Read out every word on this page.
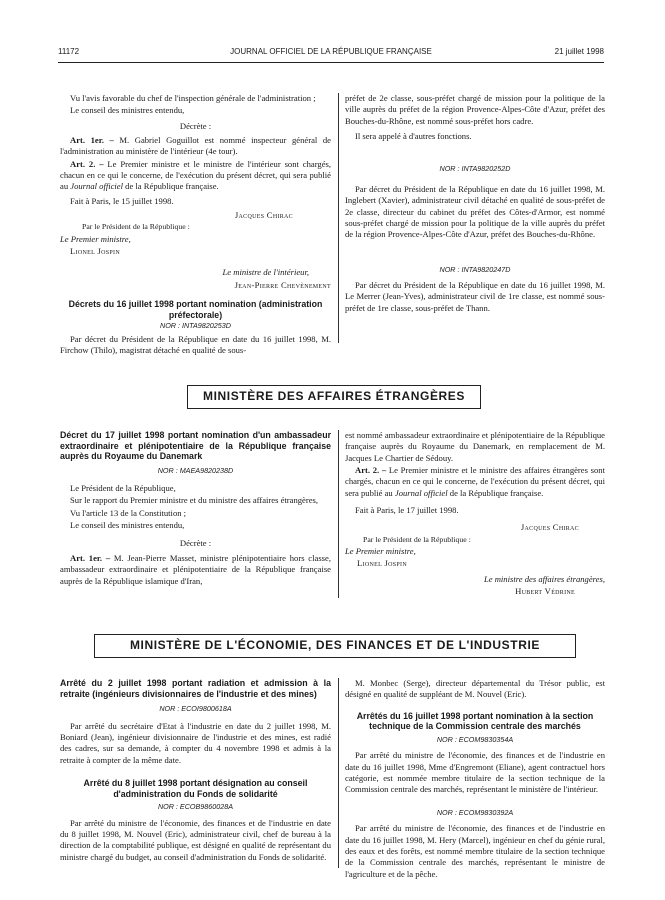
11172	JOURNAL OFFICIEL DE LA RÉPUBLIQUE FRANÇAISE	21 juillet 1998

Vu l'avis favorable du chef de l'inspection générale de l'administration ;

Le conseil des ministres entendu,

Décrète :

Art. 1er. – M. Gabriel Goguillot est nommé inspecteur général de l'administration au ministère de l'intérieur (4e tour).

Art. 2. – Le Premier ministre et le ministre de l'intérieur sont chargés, chacun en ce qui le concerne, de l'exécution du présent décret, qui sera publié au Journal officiel de la République française.

Fait à Paris, le 15 juillet 1998.

Jacques Chirac

Par le Président de la République :

Le Premier ministre,

Lionel Jospin

Le ministre de l'intérieur,

Jean-Pierre Chevènement

Décrets du 16 juillet 1998 portant nomination (administration préfectorale)
NOR : INTA9820253D

Par décret du Président de la République en date du 16 juillet 1998, M. Firchow (Thilo), magistrat détaché en qualité de sous-

préfet de 2e classe, sous-préfet chargé de mission pour la politique de la ville auprès du préfet de la région Provence-Alpes-Côte d'Azur, préfet des Bouches-du-Rhône, est nommé sous-préfet hors cadre.

Il sera appelé à d'autres fonctions.

NOR : INTA9820252D

Par décret du Président de la République en date du 16 juillet 1998, M. Inglebert (Xavier), administrateur civil détaché en qualité de sous-préfet de 2e classe, directeur du cabinet du préfet des Côtes-d'Armor, est nommé sous-préfet chargé de mission pour la politique de la ville auprès du préfet de la région Provence-Alpes-Côte d'Azur, préfet des Bouches-du-Rhône.

NOR : INTA9820247D

Par décret du Président de la République en date du 16 juillet 1998, M. Le Merrer (Jean-Yves), administrateur civil de 1re classe, est nommé sous-préfet de 1re classe, sous-préfet de Thann.

MINISTÈRE DES AFFAIRES ÉTRANGÈRES
Décret du 17 juillet 1998 portant nomination d'un ambassadeur extraordinaire et plénipotentiaire de la République française auprès du Royaume du Danemark
NOR : MAEA9820238D

Le Président de la République,

Sur le rapport du Premier ministre et du ministre des affaires étrangères,

Vu l'article 13 de la Constitution ;

Le conseil des ministres entendu,

Décrète :

Art. 1er. – M. Jean-Pierre Masset, ministre plénipotentiaire hors classe, ambassadeur extraordinaire et plénipotentiaire de la République française auprès de la République islamique d'Iran,

est nommé ambassadeur extraordinaire et plénipotentiaire de la République française auprès du Royaume du Danemark, en remplacement de M. Jacques Le Chartier de Sédouy.

Art. 2. – Le Premier ministre et le ministre des affaires étrangères sont chargés, chacun en ce qui le concerne, de l'exécution du présent décret, qui sera publié au Journal officiel de la République française.

Fait à Paris, le 17 juillet 1998.

Jacques Chirac

Par le Président de la République :

Le Premier ministre,

Lionel Jospin

Le ministre des affaires étrangères,

Hubert Védrine

MINISTÈRE DE L'ÉCONOMIE, DES FINANCES ET DE L'INDUSTRIE
Arrêté du 2 juillet 1998 portant radiation et admission à la retraite (ingénieurs divisionnaires de l'industrie et des mines)
NOR : ECOI9800618A

Par arrêté du secrétaire d'Etat à l'industrie en date du 2 juillet 1998, M. Boniard (Jean), ingénieur divisionnaire de l'industrie et des mines, est radié des cadres, sur sa demande, à compter du 4 novembre 1998 et admis à la retraite à compter de la même date.

Arrêté du 8 juillet 1998 portant désignation au conseil d'administration du Fonds de solidarité
NOR : ECOB9860028A

Par arrêté du ministre de l'économie, des finances et de l'industrie en date du 8 juillet 1998, M. Nouvel (Eric), administrateur civil, chef de bureau à la direction de la comptabilité publique, est désigné en qualité de représentant du ministre chargé du budget, au conseil d'administration du Fonds de solidarité.

M. Monbec (Serge), directeur départemental du Trésor public, est désigné en qualité de suppléant de M. Nouvel (Eric).

Arrêtés du 16 juillet 1998 portant nomination à la section technique de la Commission centrale des marchés
NOR : ECOM9830354A

Par arrêté du ministre de l'économie, des finances et de l'industrie en date du 16 juillet 1998, Mme d'Engremont (Eliane), agent contractuel hors catégorie, est nommée membre titulaire de la section technique de la Commission centrale des marchés, représentant le ministère de l'intérieur.

NOR : ECOM9830392A

Par arrêté du ministre de l'économie, des finances et de l'industrie en date du 16 juillet 1998, M. Hery (Marcel), ingénieur en chef du génie rural, des eaux et des forêts, est nommé membre titulaire de la section technique de la Commission centrale des marchés, représentant le ministre de l'agriculture et de la pêche.
